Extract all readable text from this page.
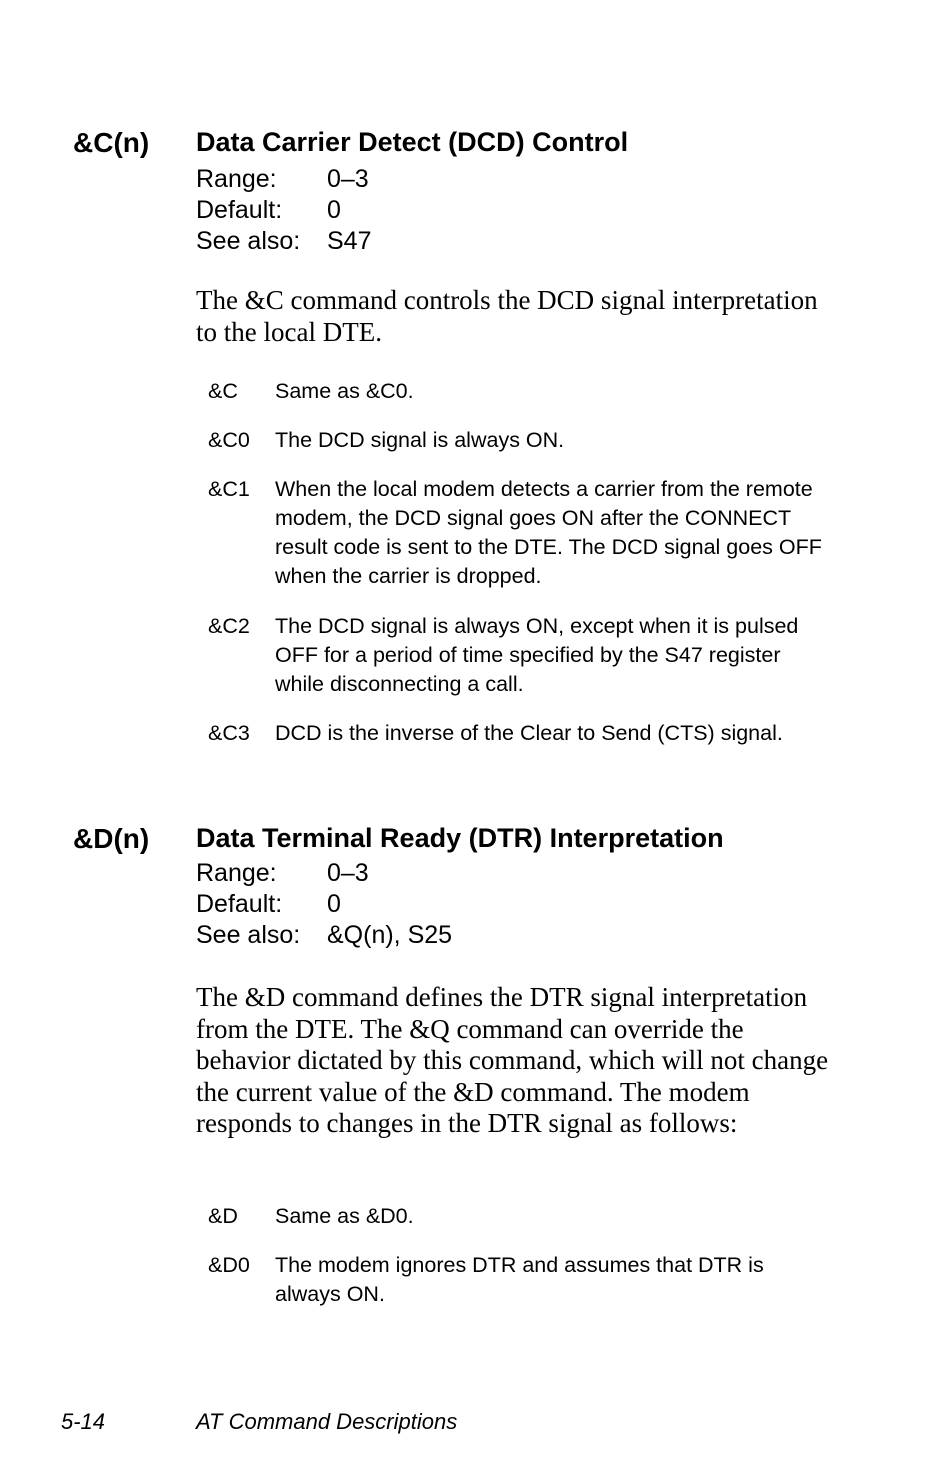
&C(n) Data Carrier Detect (DCD) Control
Range: 0–3
Default: 0
See also: S47
The &C command controls the DCD signal interpretation to the local DTE.
&C Same as &C0.
&C0 The DCD signal is always ON.
&C1 When the local modem detects a carrier from the remote modem, the DCD signal goes ON after the CONNECT result code is sent to the DTE. The DCD signal goes OFF when the carrier is dropped.
&C2 The DCD signal is always ON, except when it is pulsed OFF for a period of time specified by the S47 register while disconnecting a call.
&C3 DCD is the inverse of the Clear to Send (CTS) signal.
&D(n) Data Terminal Ready (DTR) Interpretation
Range: 0–3
Default: 0
See also: &Q(n), S25
The &D command defines the DTR signal interpretation from the DTE. The &Q command can override the behavior dictated by this command, which will not change the current value of the &D command. The modem responds to changes in the DTR signal as follows:
&D Same as &D0.
&D0 The modem ignores DTR and assumes that DTR is always ON.
5-14	AT Command Descriptions
